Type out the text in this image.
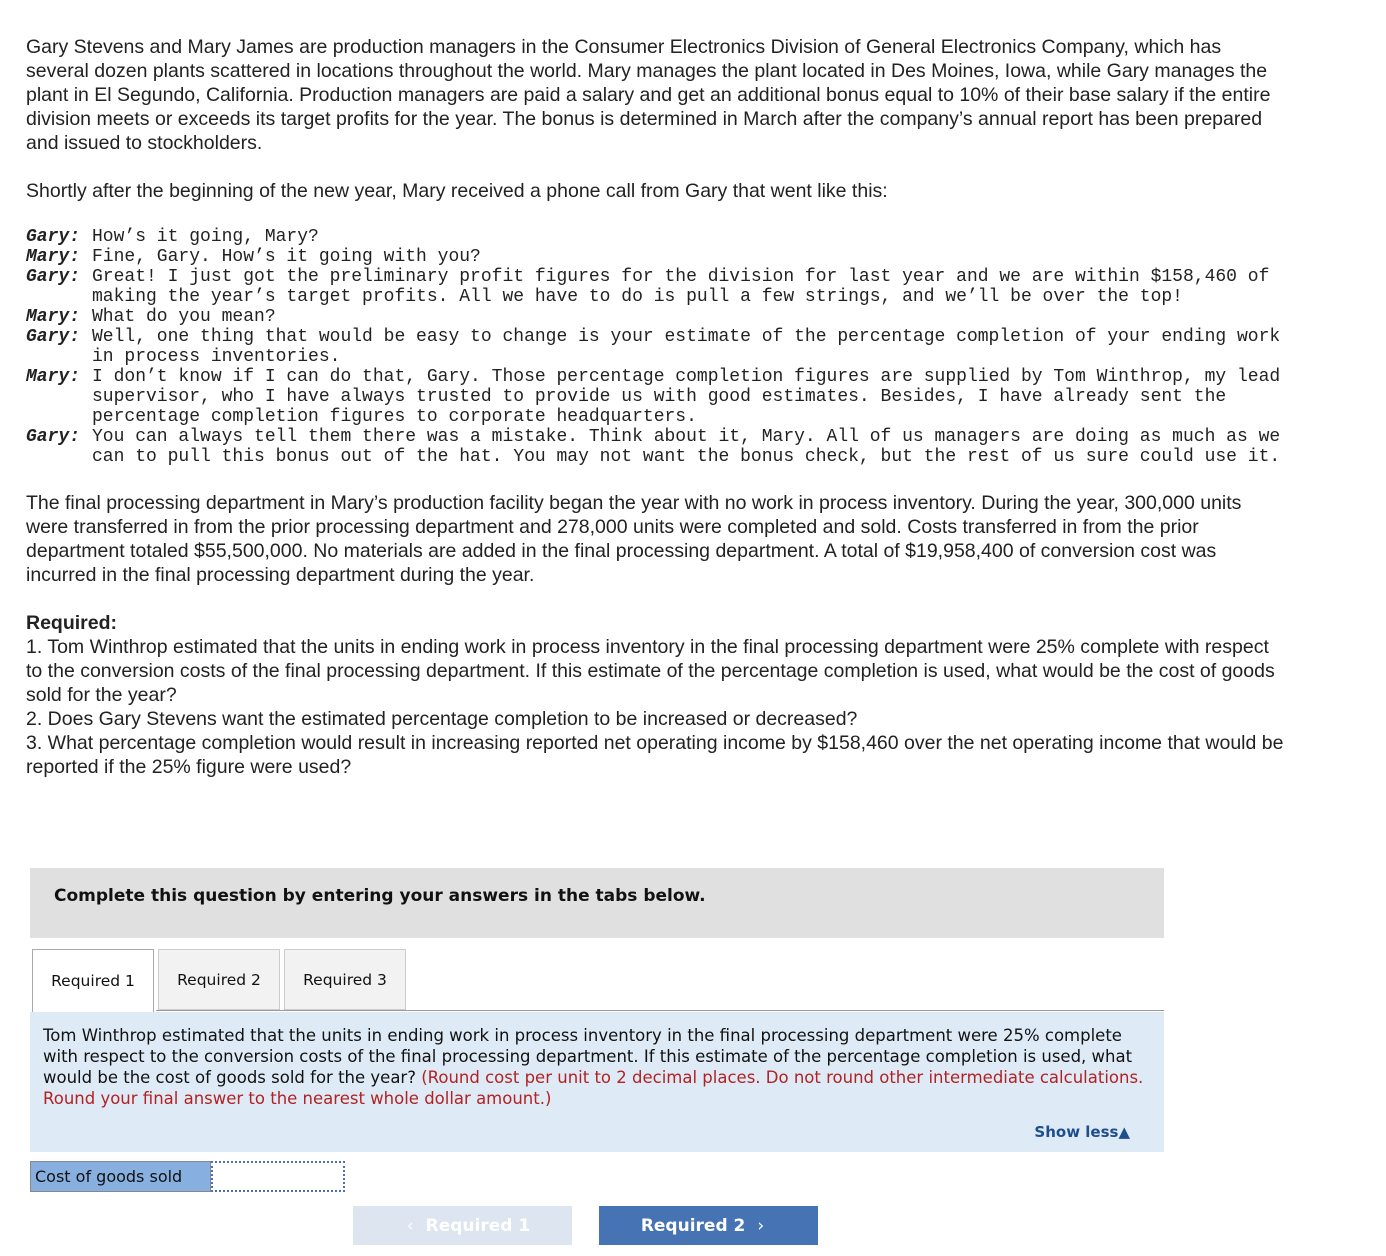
Gary Stevens and Mary James are production managers in the Consumer Electronics Division of General Electronics Company, which has several dozen plants scattered in locations throughout the world. Mary manages the plant located in Des Moines, Iowa, while Gary manages the plant in El Segundo, California. Production managers are paid a salary and get an additional bonus equal to 10% of their base salary if the entire division meets or exceeds its target profits for the year. The bonus is determined in March after the company’s annual report has been prepared and issued to stockholders.

Shortly after the beginning of the new year, Mary received a phone call from Gary that went like this:

Gary: How’s it going, Mary?
Mary: Fine, Gary. How’s it going with you?
Gary: Great! I just got the preliminary profit figures for the division for last year and we are within $158,460 of making the year’s target profits. All we have to do is pull a few strings, and we’ll be over the top!
Mary: What do you mean?
Gary: Well, one thing that would be easy to change is your estimate of the percentage completion of your ending work in process inventories.
Mary: I don’t know if I can do that, Gary. Those percentage completion figures are supplied by Tom Winthrop, my lead supervisor, who I have always trusted to provide us with good estimates. Besides, I have already sent the percentage completion figures to corporate headquarters.
Gary: You can always tell them there was a mistake. Think about it, Mary. All of us managers are doing as much as we can to pull this bonus out of the hat. You may not want the bonus check, but the rest of us sure could use it.

The final processing department in Mary’s production facility began the year with no work in process inventory. During the year, 300,000 units were transferred in from the prior processing department and 278,000 units were completed and sold. Costs transferred in from the prior department totaled $55,500,000. No materials are added in the final processing department. A total of $19,958,400 of conversion cost was incurred in the final processing department during the year.

Required:
1. Tom Winthrop estimated that the units in ending work in process inventory in the final processing department were 25% complete with respect to the conversion costs of the final processing department. If this estimate of the percentage completion is used, what would be the cost of goods sold for the year?
2. Does Gary Stevens want the estimated percentage completion to be increased or decreased?
3. What percentage completion would result in increasing reported net operating income by $158,460 over the net operating income that would be reported if the 25% figure were used?

Complete this question by entering your answers in the tabs below.
Required 1	Required 2	Required 3
Tom Winthrop estimated that the units in ending work in process inventory in the final processing department were 25% complete with respect to the conversion costs of the final processing department. If this estimate of the percentage completion is used, what would be the cost of goods sold for the year? (Round cost per unit to 2 decimal places. Do not round other intermediate calculations. Round your final answer to the nearest whole dollar amount.)
Show less▲
Cost of goods sold
‹ Required 1	Required 2 ›
